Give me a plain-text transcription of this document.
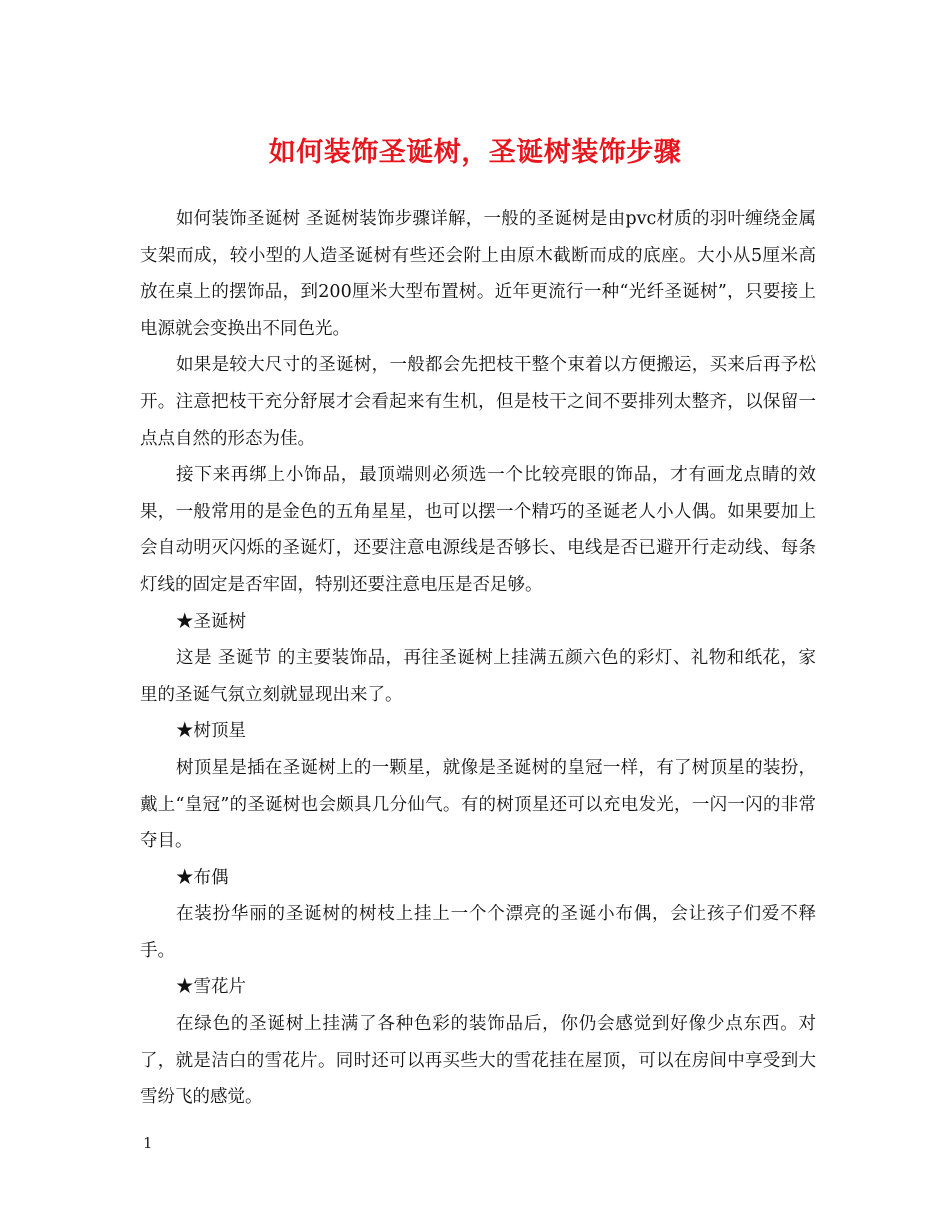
如何装饰圣诞树，圣诞树装饰步骤

如何装饰圣诞树 圣诞树装饰步骤详解，一般的圣诞树是由pvc材质的羽叶缠绕金属支架而成，较小型的人造圣诞树有些还会附上由原木截断而成的底座。大小从5厘米高放在桌上的摆饰品，到200厘米大型布置树。近年更流行一种“光纤圣诞树”，只要接上电源就会变换出不同色光。

如果是较大尺寸的圣诞树，一般都会先把枝干整个束着以方便搬运，买来后再予松开。注意把枝干充分舒展才会看起来有生机，但是枝干之间不要排列太整齐，以保留一点点自然的形态为佳。

接下来再绑上小饰品，最顶端则必须选一个比较亮眼的饰品，才有画龙点睛的效果，一般常用的是金色的五角星星，也可以摆一个精巧的圣诞老人小人偶。如果要加上会自动明灭闪烁的圣诞灯，还要注意电源线是否够长、电线是否已避开行走动线、每条灯线的固定是否牢固，特别还要注意电压是否足够。

★圣诞树

这是 圣诞节 的主要装饰品，再往圣诞树上挂满五颜六色的彩灯、礼物和纸花，家里的圣诞气氛立刻就显现出来了。

★树顶星

树顶星是插在圣诞树上的一颗星，就像是圣诞树的皇冠一样，有了树顶星的装扮，戴上“皇冠”的圣诞树也会颇具几分仙气。有的树顶星还可以充电发光，一闪一闪的非常夺目。

★布偶

在装扮华丽的圣诞树的树枝上挂上一个个漂亮的圣诞小布偶，会让孩子们爱不释手。

★雪花片

在绿色的圣诞树上挂满了各种色彩的装饰品后，你仍会感觉到好像少点东西。对了，就是洁白的雪花片。同时还可以再买些大的雪花挂在屋顶，可以在房间中享受到大雪纷飞的感觉。

1
